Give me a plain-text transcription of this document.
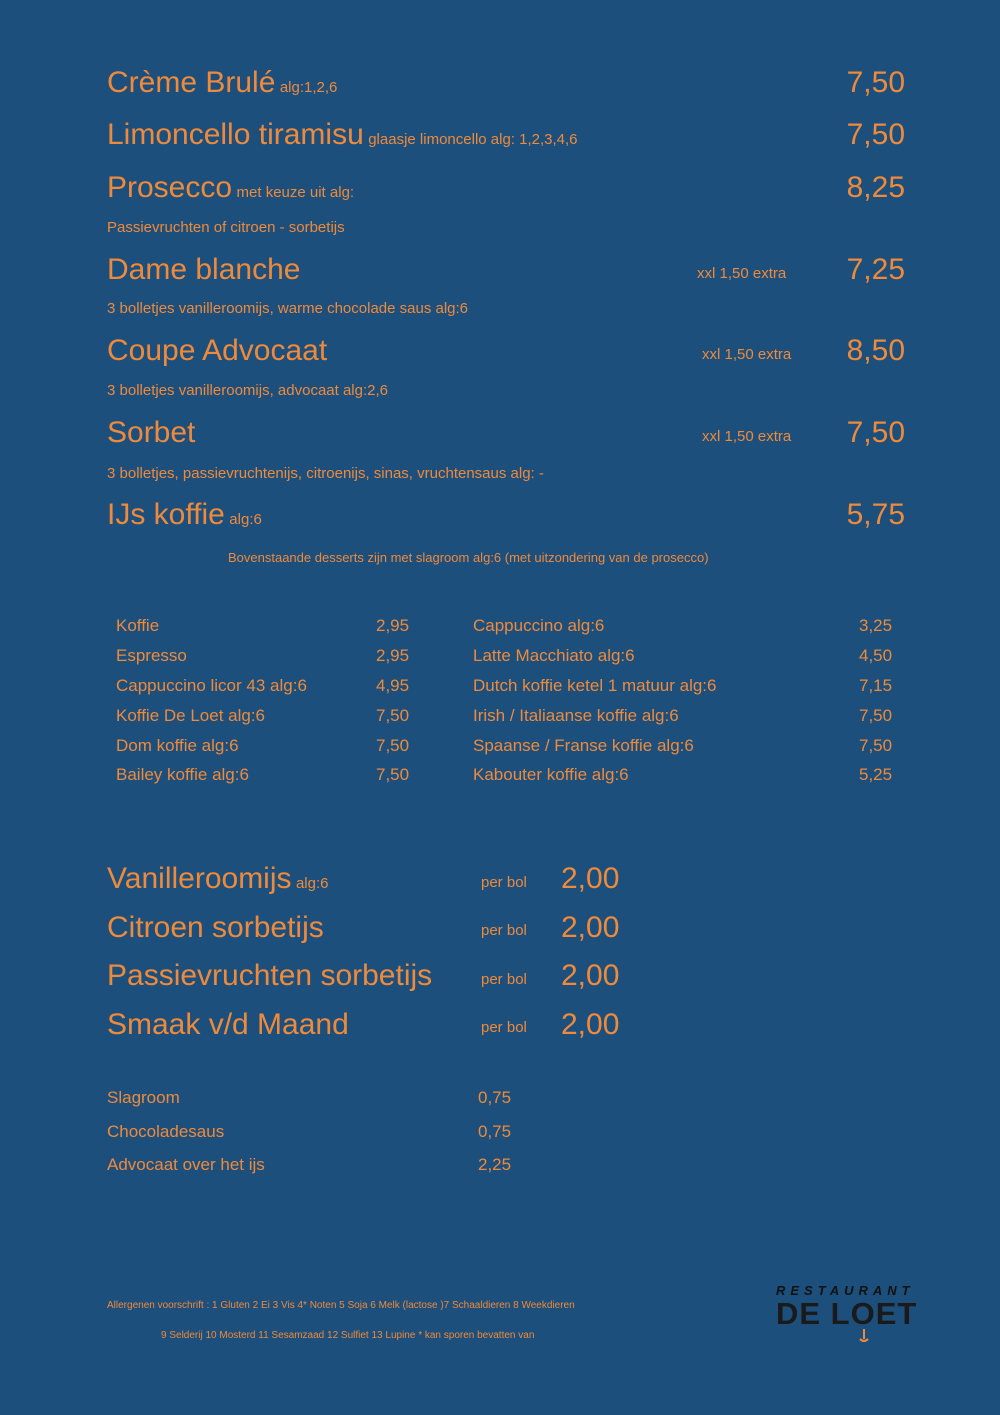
Crème Brulé alg:1,2,6	7,50
Limoncello tiramisu glaasje limoncello alg: 1,2,3,4,6	7,50
Prosecco met keuze uit alg:	8,25
Passievruchten of citroen - sorbetijs
Dame blanche	xxl 1,50 extra 7,25
3 bolletjes vanilleroomijs, warme chocolade saus alg:6
Coupe Advocaat	xxl 1,50 extra 8,50
3 bolletjes vanilleroomijs, advocaat alg:2,6
Sorbet	xxl 1,50 extra 7,50
3 bolletjes, passievruchtenijs, citroenijs, sinas, vruchtensaus alg: -
IJs koffie alg:6	5,75
Bovenstaande desserts zijn met slagroom alg:6 (met uitzondering van de prosecco)
Koffie	2,95
Espresso	2,95
Cappuccino licor 43 alg:6	4,95
Koffie De Loet alg:6	7,50
Dom koffie alg:6	7,50
Bailey koffie alg:6	7,50
Cappuccino alg:6	3,25
Latte Macchiato alg:6	4,50
Dutch koffie ketel 1 matuur alg:6	7,15
Irish / Italiaanse koffie alg:6	7,50
Spaanse / Franse koffie alg:6	7,50
Kabouter koffie alg:6	5,25
Vanilleroomijs alg:6	per bol 2,00
Citroen sorbetijs	per bol 2,00
Passievruchten sorbetijs	per bol 2,00
Smaak v/d Maand	per bol 2,00
Slagroom	0,75
Chocoladesaus	0,75
Advocaat over het ijs	2,25
Allergenen voorschrift : 1 Gluten 2 Ei 3 Vis 4* Noten 5 Soja 6 Melk (lactose )7 Schaaldieren 8 Weekdieren
9 Selderij 10 Mosterd 11 Sesamzaad 12 Sulfiet 13 Lupine * kan sporen bevatten van
RESTAURANT
DE LOET
